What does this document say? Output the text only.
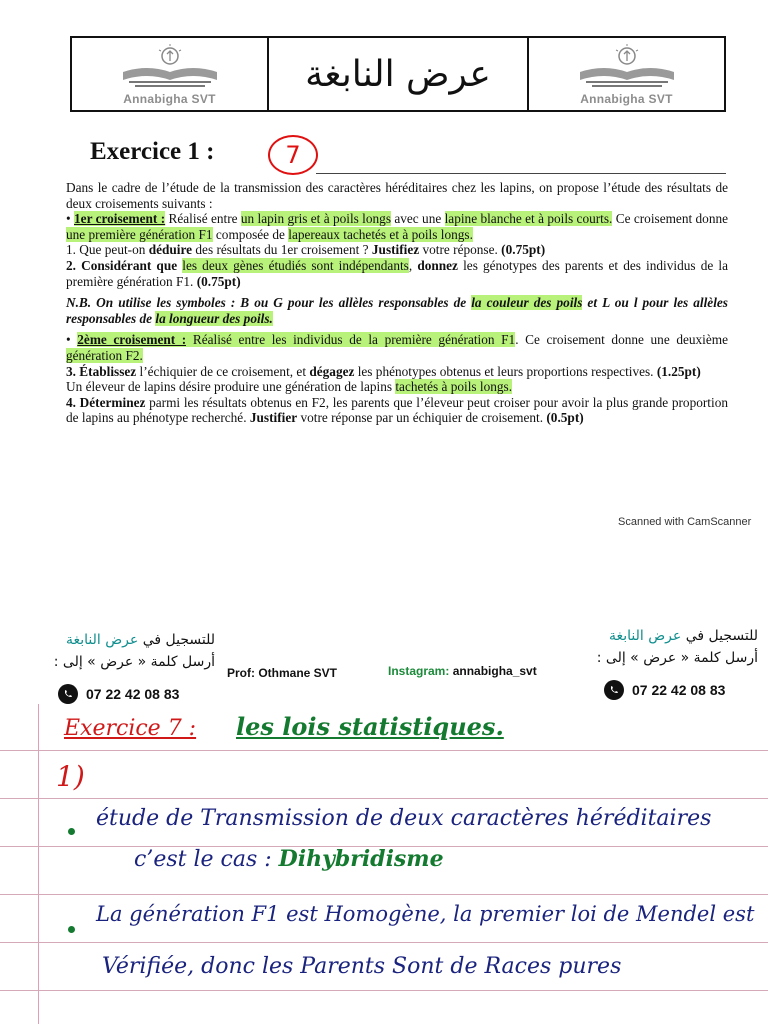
Annabigha SVT
عرض النابغة
Annabigha SVT
Exercice 1 :	7

Dans le cadre de l’étude de la transmission des caractères héréditaires chez les lapins, on propose l’étude des résultats de deux croisements suivants :

• 1er croisement : Réalisé entre un lapin gris et à poils longs avec une lapine blanche et à poils courts. Ce croisement donne une première génération F1 composée de lapereaux tachetés et à poils longs.

1. Que peut-on déduire des résultats du 1er croisement ? Justifiez votre réponse. (0.75pt)

2. Considérant que les deux gènes étudiés sont indépendants, donnez les génotypes des parents et des individus de la première génération F1. (0.75pt)

N.B. On utilise les symboles : B ou G pour les allèles responsables de la couleur des poils et L ou l pour les allèles responsables de la longueur des poils.

• 2ème croisement : Réalisé entre les individus de la première génération F1. Ce croisement donne une deuxième génération F2.

3. Établissez l’échiquier de ce croisement, et dégagez les phénotypes obtenus et leurs proportions respectives. (1.25pt)

Un éleveur de lapins désire produire une génération de lapins tachetés à poils longs.

4. Déterminez parmi les résultats obtenus en F2, les parents que l’éleveur peut croiser pour avoir la plus grande proportion de lapins au phénotype recherché. Justifier votre réponse par un échiquier de croisement. (0.5pt)

Scanned with CamScanner
للتسجيل في عرض النابغة
أرسل كلمة « عرض » إلى :
07 22 42 08 83
Prof: Othmane SVT	Instagram: annabigha_svt
للتسجيل في عرض النابغة
أرسل كلمة « عرض » إلى :
07 22 42 08 83
Exercice 7 : les lois statistiques.
1)
étude de Transmission de deux caractères héréditaires
c’est le cas : Dihybridisme
La génération F1 est Homogène, la premier loi de Mendel est
Vérifiée, donc les Parents Sont de Races pures
